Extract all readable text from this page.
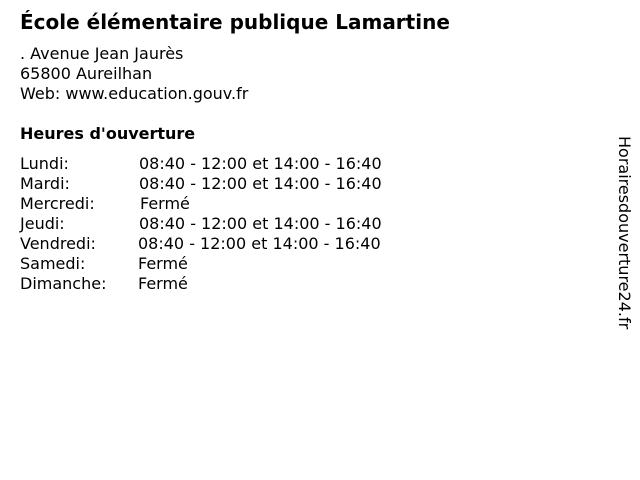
École élémentaire publique Lamartine
. Avenue Jean Jaurès
65800 Aureilhan
Web: www.education.gouv.fr
Heures d'ouverture
Lundi:	08:40 - 12:00 et 14:00 - 16:40
Mardi:	08:40 - 12:00 et 14:00 - 16:40
Mercredi:	Fermé
Jeudi:	08:40 - 12:00 et 14:00 - 16:40
Vendredi:	08:40 - 12:00 et 14:00 - 16:40
Samedi:	Fermé
Dimanche: Fermé	Horairesdouverture24.fr
